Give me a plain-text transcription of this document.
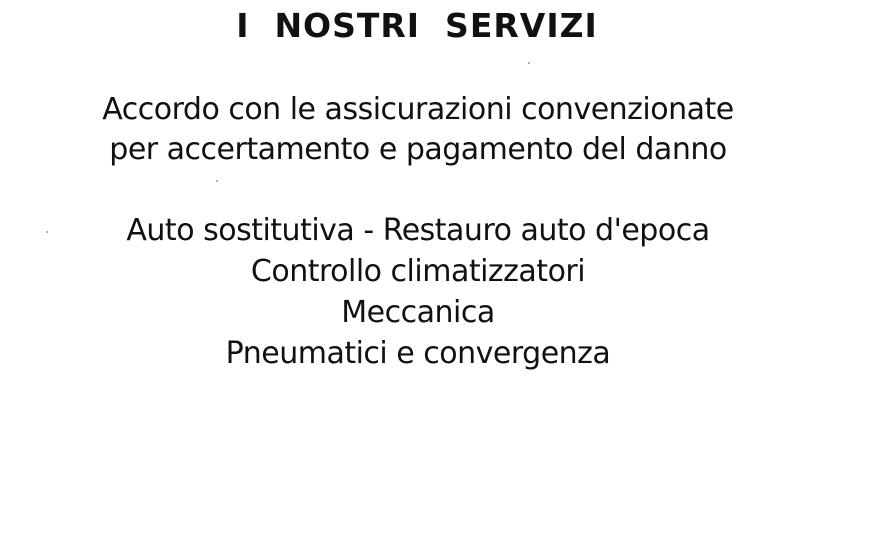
I  NOSTRI  SERVIZI
Accordo con le assicurazioni convenzionate
per accertamento e pagamento del danno
Auto sostitutiva - Restauro auto d'epoca
Controllo climatizzatori
Meccanica
Pneumatici e convergenza
